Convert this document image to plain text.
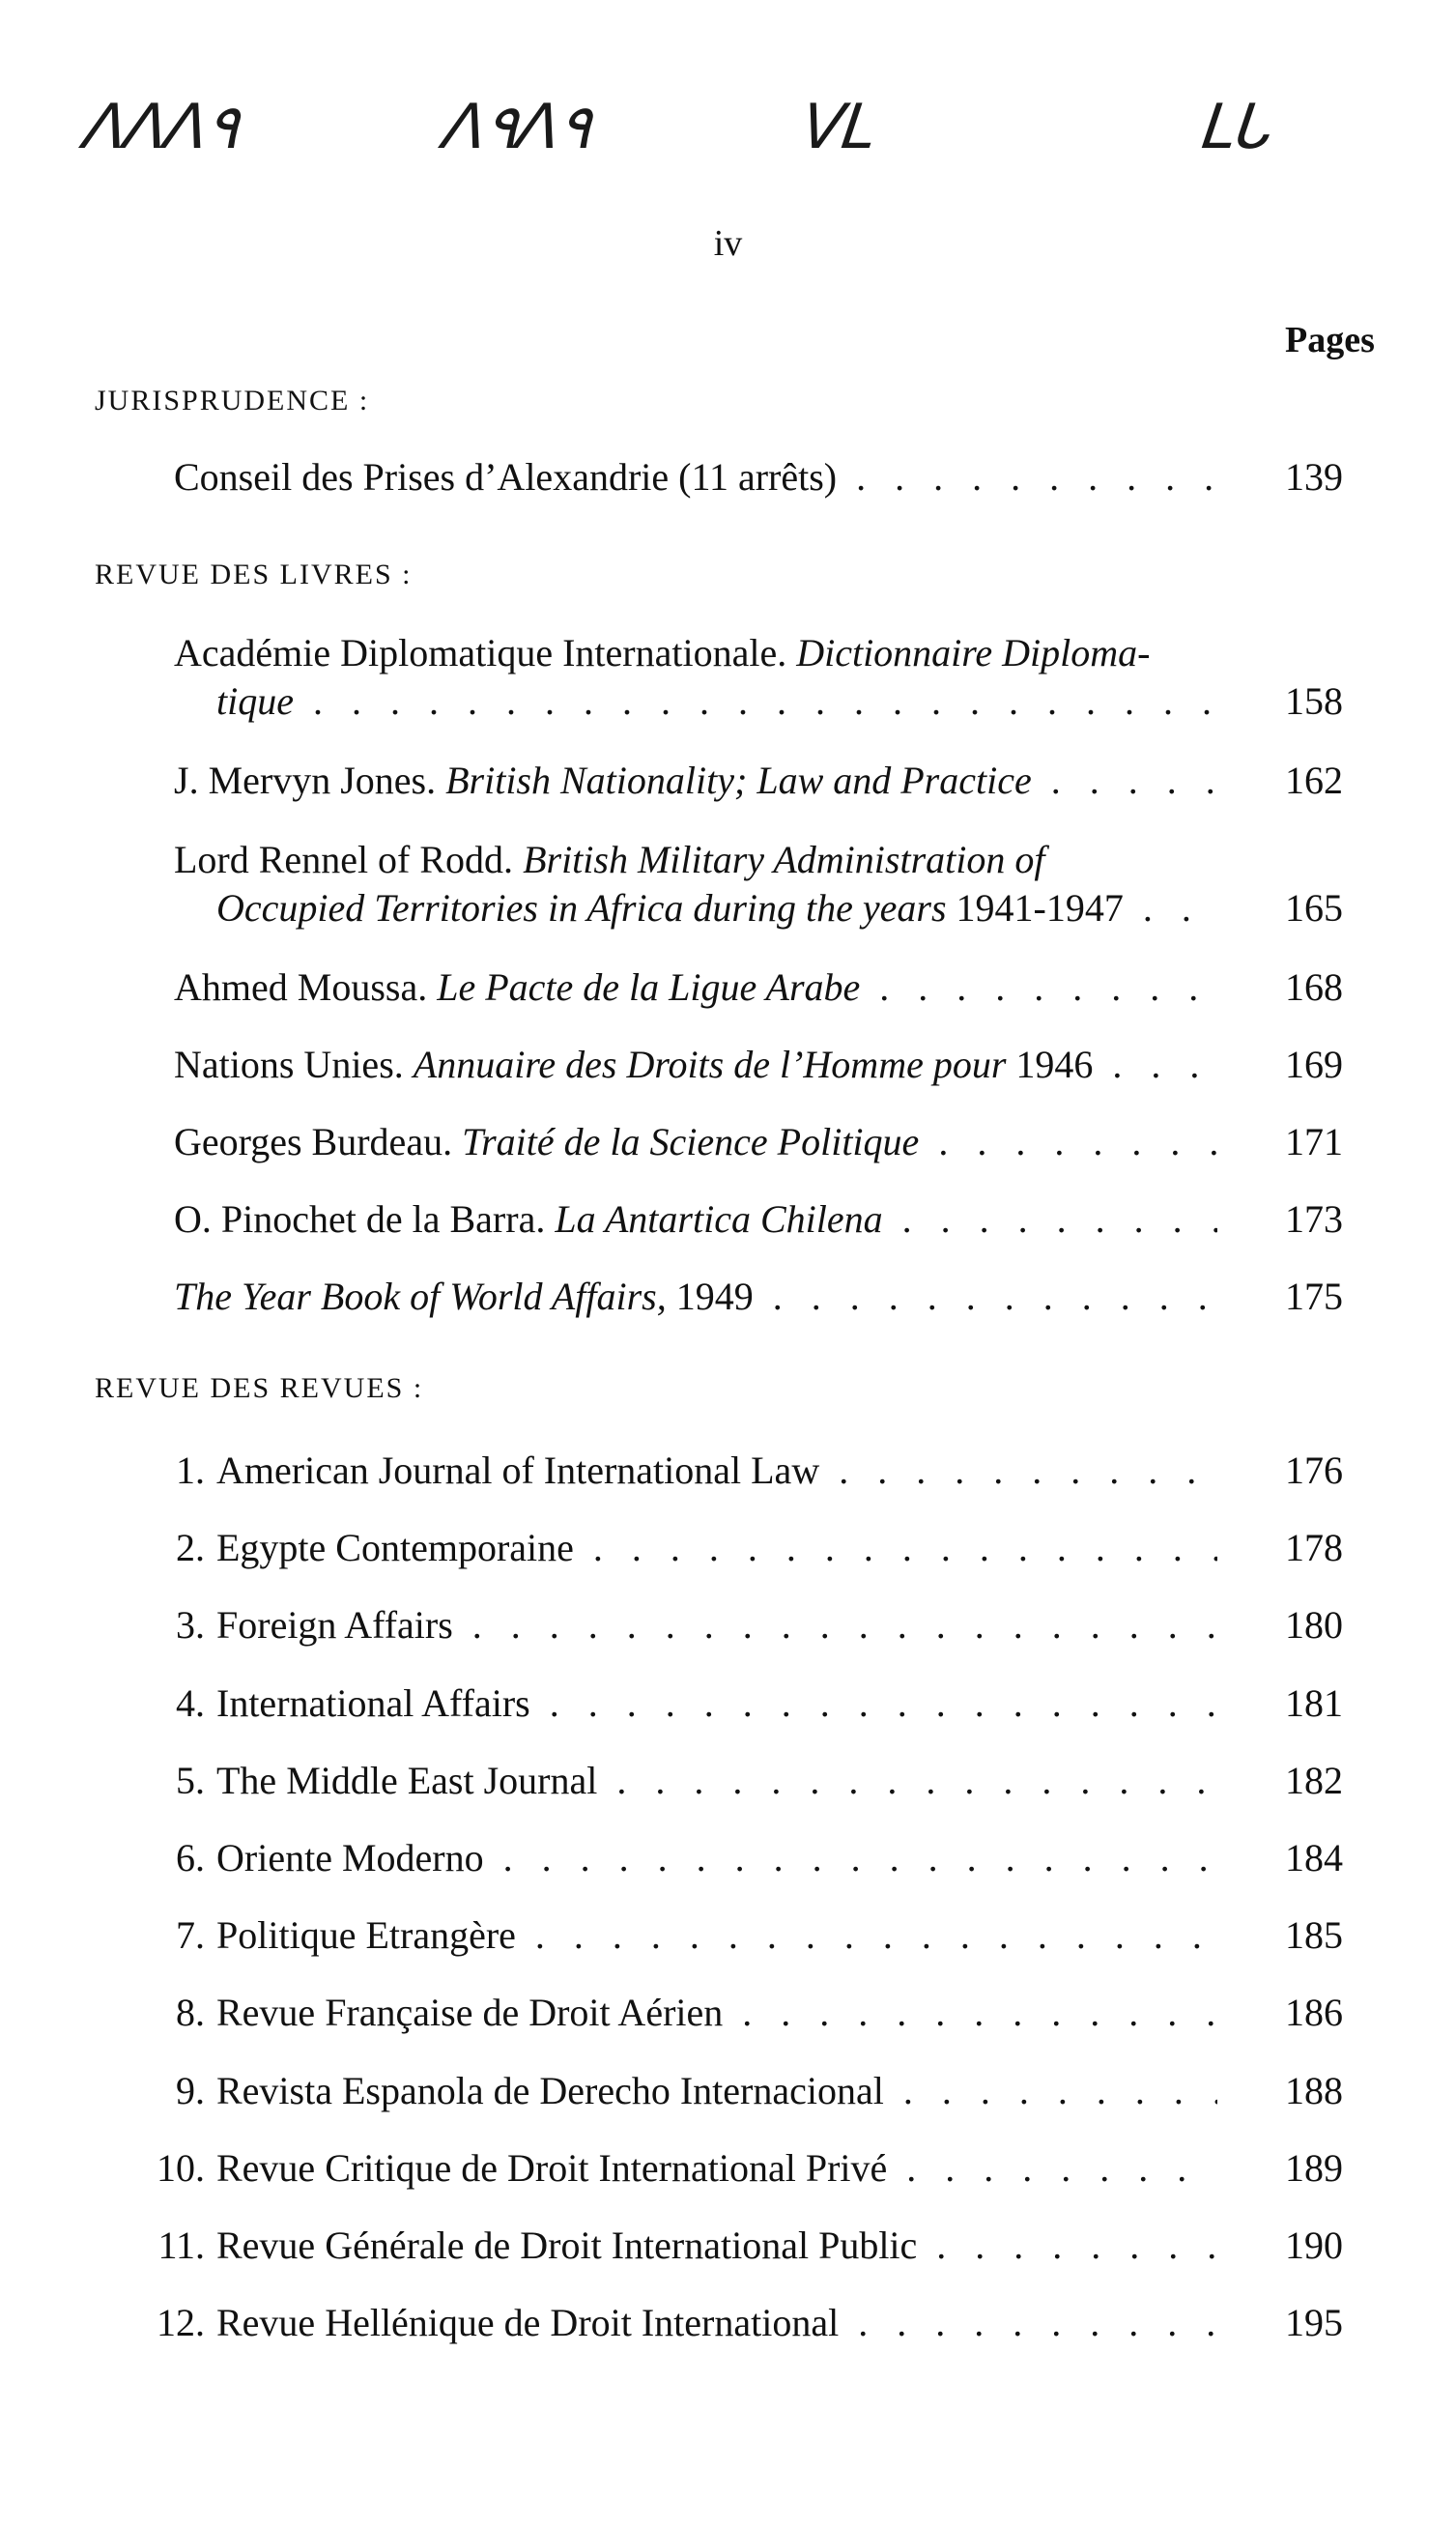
ᐱᐱᐱ۹	ᐱ۹ᐱ۹	ᐯᒪ	ᒪᒐ
iv
Pages
JURISPRUDENCE :
Conseil des Prises d’Alexandrie (11 arrêts) . . .	139
REVUE DES LIVRES :
Académie Diplomatique Internationale. Dictionnaire Diploma-
tique . . .	158
J. Mervyn Jones. British Nationality; Law and Practice . . .	162
Lord Rennel of Rodd. British Military Administration of
Occupied Territories in Africa during the years 1941-1947 . . .	165
Ahmed Moussa. Le Pacte de la Ligue Arabe . . .	168
Nations Unies. Annuaire des Droits de l’Homme pour 1946 . . .	169
Georges Burdeau. Traité de la Science Politique . . .	171
O. Pinochet de la Barra. La Antartica Chilena . . .	173
The Year Book of World Affairs, 1949 . . .	175
REVUE DES REVUES :
1. American Journal of International Law . . .	176
2. Egypte Contemporaine . . .	178
3. Foreign Affairs . . .	180
4. International Affairs . . .	181
5. The Middle East Journal . . .	182
6. Oriente Moderno . . .	184
7. Politique Etrangère . . .	185
8. Revue Française de Droit Aérien . . .	186
9. Revista Espanola de Derecho Internacional . . .	188
10. Revue Critique de Droit International Privé . . .	189
11. Revue Générale de Droit International Public . . .	190
12. Revue Hellénique de Droit International . . .	195
